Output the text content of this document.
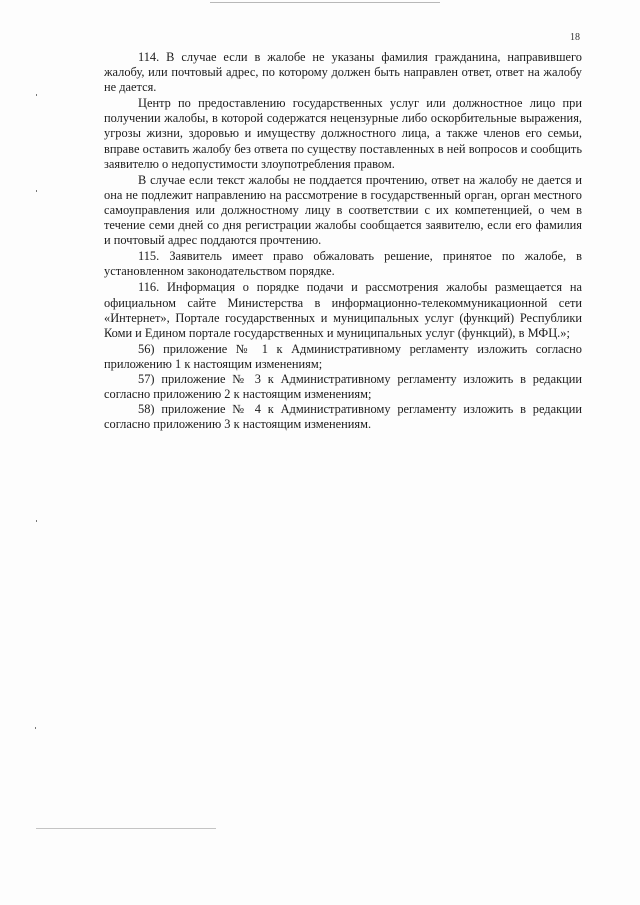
18

114. В случае если в жалобе не указаны фамилия гражданина, направившего жалобу, или почтовый адрес, по которому должен быть направлен ответ, ответ на жалобу не дается.

Центр по предоставлению государственных услуг или должностное лицо при получении жалобы, в которой содержатся нецензурные либо оскорбительные выражения, угрозы жизни, здоровью и имуществу должностного лица, а также членов его семьи, вправе оставить жалобу без ответа по существу поставленных в ней вопросов и сообщить заявителю о недопустимости злоупотребления правом.

В случае если текст жалобы не поддается прочтению, ответ на жалобу не дается и она не подлежит направлению на рассмотрение в государственный орган, орган местного самоуправления или должностному лицу в соответствии с их компетенцией, о чем в течение семи дней со дня регистрации жалобы сообщается заявителю, если его фамилия и почтовый адрес поддаются прочтению.

115. Заявитель имеет право обжаловать решение, принятое по жалобе, в установленном законодательством порядке.

116. Информация о порядке подачи и рассмотрения жалобы размещается на официальном сайте Министерства в информационно-телекоммуникационной сети «Интернет», Портале государственных и муниципальных услуг (функций) Республики Коми и Едином портале государственных и муниципальных услуг (функций), в МФЦ.»;

56) приложение № 1 к Административному регламенту изложить согласно приложению 1 к настоящим изменениям;

57) приложение № 3 к Административному регламенту изложить в редакции согласно приложению 2 к настоящим изменениям;

58) приложение № 4 к Административному регламенту изложить в редакции согласно приложению 3 к настоящим изменениям.
